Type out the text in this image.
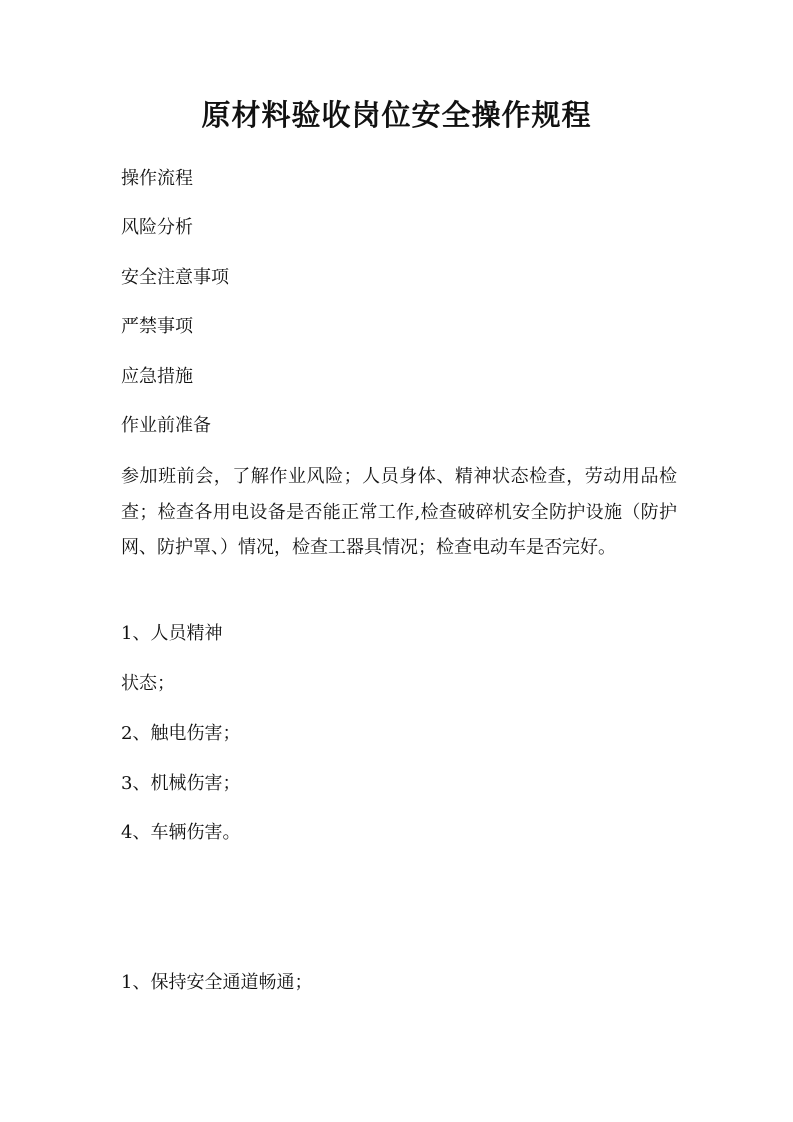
原材料验收岗位安全操作规程
操作流程
风险分析
安全注意事项
严禁事项
应急措施
作业前准备
参加班前会，了解作业风险；人员身体、精神状态检查，劳动用品检查；检查各用电设备是否能正常工作,检查破碎机安全防护设施（防护网、防护罩、）情况，检查工器具情况；检查电动车是否完好。
1、人员精神
状态；
2、触电伤害；
3、机械伤害；
4、车辆伤害。
1、保持安全通道畅通；
